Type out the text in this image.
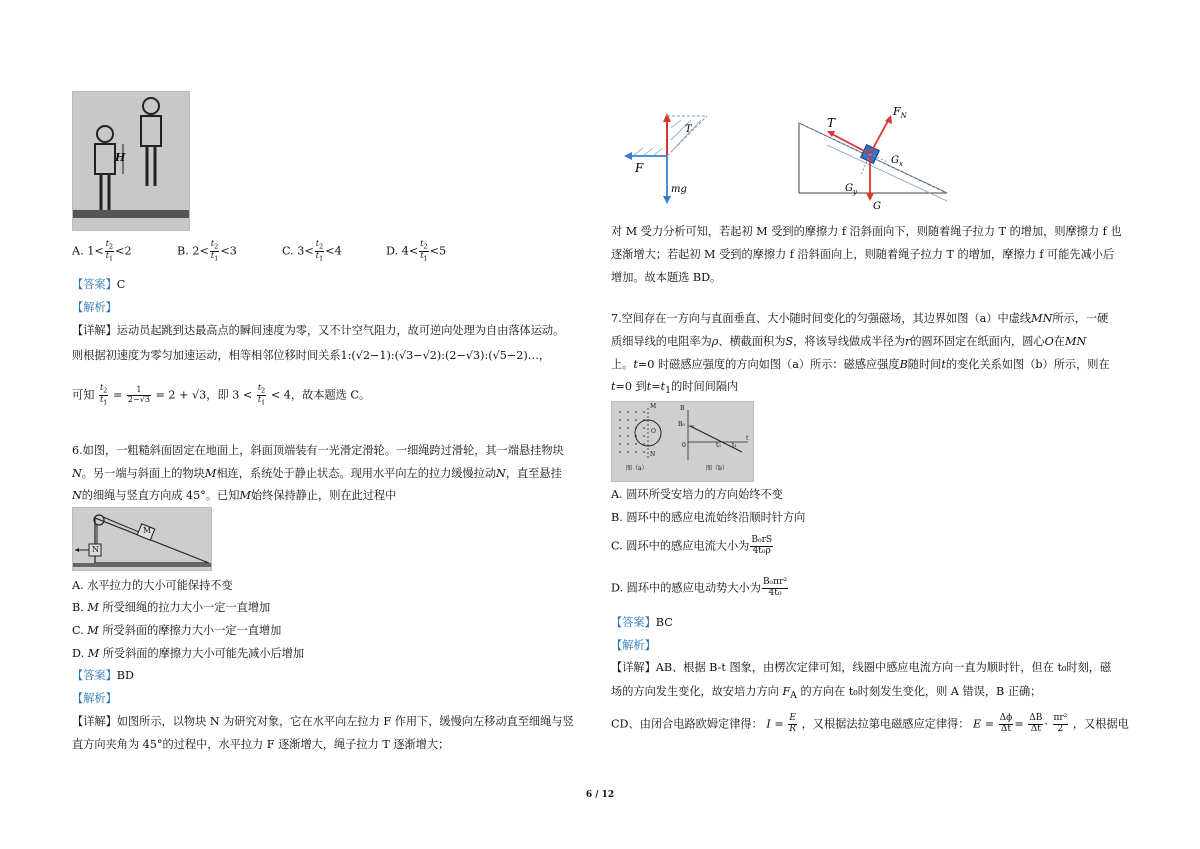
H
A. $1< \frac{t_2}{t_1} <2$	B. $2< \frac{t_2}{t_1} <3$	C. $3< \frac{t_2}{t_1} <4$	D. $4< \frac{t_2}{t_1} <5$
【答案】C
【解析】
【详解】运动员起跳到达最高点的瞬间速度为零，又不计空气阻力，故可逆向处理为自由落体运动。
则根据初速度为零匀加速运动，相等相邻位移时间关系1:(√2−1):(√3−√2):(2−√3):(√5−2)…，
可知 $\frac{t_2}{t_1} = \frac{1}{2-√3} = 2 + √3$，即 $3 < \frac{t_2}{t_1} < 4$，故本题选 C。
6.如图，一粗糙斜面固定在地面上，斜面顶端装有一光滑定滑轮。一细绳跨过滑轮，其一端悬挂物块
N。另一端与斜面上的物块M相连，系统处于静止状态。现用水平向左的拉力缓慢拉动N，直至悬挂
N的细绳与竖直方向成 45°。已知M始终保持静止，则在此过程中
M
N
A. 水平拉力的大小可能保持不变
B. M 所受细绳的拉力大小一定一直增加
C. M 所受斜面的摩擦力大小一定一直增加
D. M 所受斜面的摩擦力大小可能先减小后增加
【答案】BD
【解析】
【详解】如图所示，以物块 N 为研究对象，它在水平向左拉力 F 作用下，缓慢向左移动直至细绳与竖
直方向夹角为 45°的过程中，水平拉力 F 逐渐增大，绳子拉力 T 逐渐增大；
T
F
mg
T
$F_N$
$G_x$
$G_y$
G
对 M 受力分析可知，若起初 M 受到的摩擦力 f 沿斜面向下，则随着绳子拉力 T 的增加，则摩擦力 f 也
逐渐增大；若起初 M 受到的摩擦力 f 沿斜面向上，则随着绳子拉力 T 的增加，摩擦力 f 可能先减小后
增加。故本题选 BD。
7.空间存在一方向与直面垂直、大小随时间变化的匀强磁场，其边界如图（a）中虚线MN所示，一硬
质细导线的电阻率为ρ、横截面积为S，将该导线做成半径为r的圆环固定在纸面内，圆心O在MN
上。t=0 时磁感应强度的方向如图（a）所示：磁感应强度B随时间t的变化关系如图（b）所示，则在
t=0 到$t=t_1$的时间间隔内
M
N
O
B
B₀
0	t₀ t₁
t
图（a）	图（b）
A. 圆环所受安培力的方向始终不变
B. 圆环中的感应电流始终沿顺时针方向
C. 圆环中的感应电流大小为 $\frac{\text{B₀rS}}{\text{4t₀ρ}}$
D. 圆环中的感应电动势大小为 $\frac{\text{B₀πr²}}{\text{4t₀}}$
【答案】BC
【解析】
【详解】AB、根据 B-t 图象，由楞次定律可知，线圈中感应电流方向一直为顺时针，但在 t₀时刻，磁
场的方向发生变化，故安培力方向 $F_A$ 的方向在 t₀时刻发生变化，则 A 错误，B 正确；
CD、由闭合电路欧姆定律得： $I = \frac{E}{R}$ ，又根据法拉第电磁感应定律得： $E = \frac{\Delta\phi}{\Delta t} = \frac{\Delta B}{\Delta t} \cdot \frac{\text{πr²}}{2}$ ，又根据电
6 / 12
